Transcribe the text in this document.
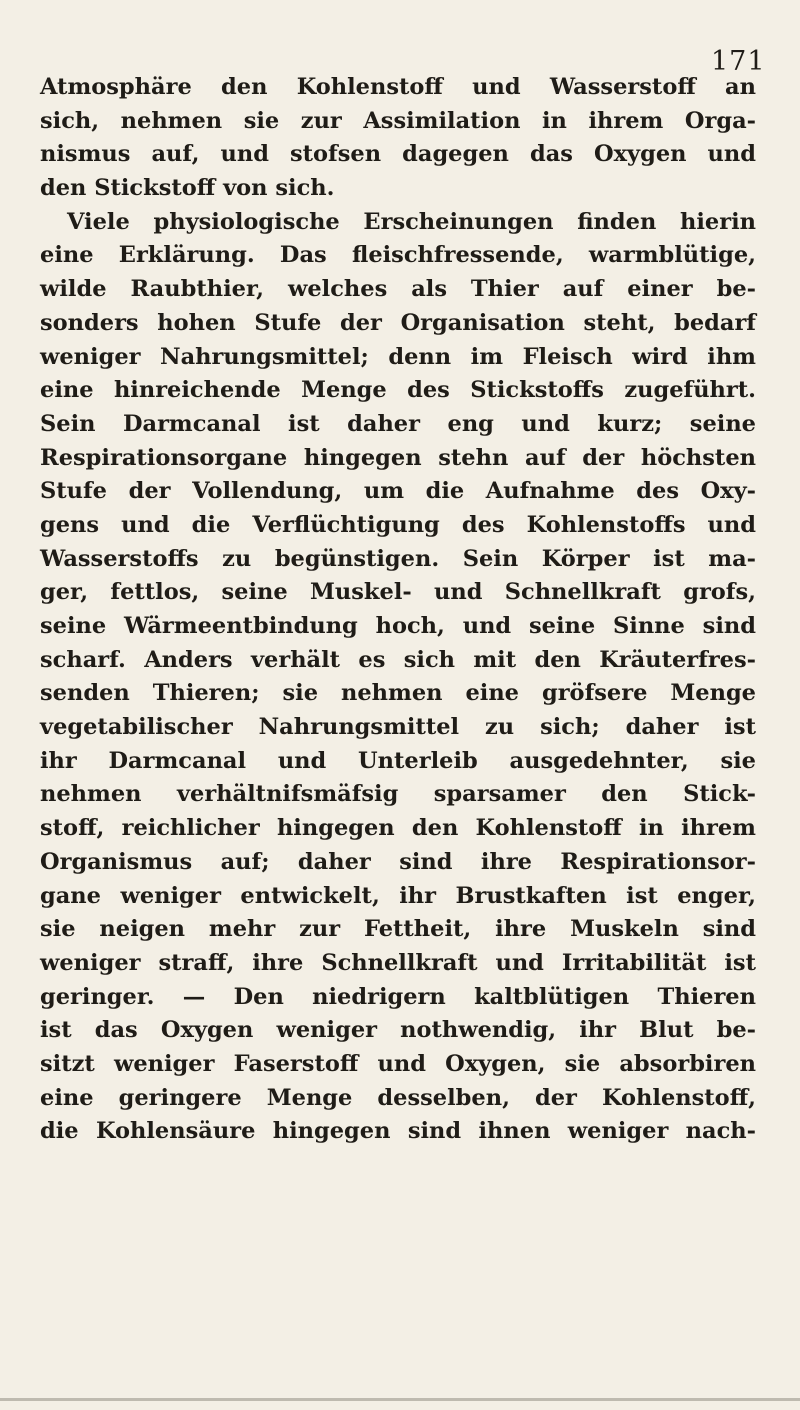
171
Atmosphäre den Kohlenstoff und Wasserstoff an
sich, nehmen sie zur Assimilation in ihrem Orga-
nismus auf, und stofsen dagegen das Oxygen und
den Stickstoff von sich.
Viele physiologische Erscheinungen finden hierin
eine Erklärung. Das fleischfressende, warmblütige,
wilde Raubthier, welches als Thier auf einer be-
sonders hohen Stufe der Organisation steht, bedarf
weniger Nahrungsmittel; denn im Fleisch wird ihm
eine hinreichende Menge des Stickstoffs zugeführt.
Sein Darmcanal ist daher eng und kurz; seine
Respirationsorgane hingegen stehn auf der höchsten
Stufe der Vollendung, um die Aufnahme des Oxy-
gens und die Verflüchtigung des Kohlenstoffs und
Wasserstoffs zu begünstigen. Sein Körper ist ma-
ger, fettlos, seine Muskel- und Schnellkraft grofs,
seine Wärmeentbindung hoch, und seine Sinne sind
scharf. Anders verhält es sich mit den Kräuterfres-
senden Thieren; sie nehmen eine gröfsere Menge
vegetabilischer Nahrungsmittel zu sich; daher ist
ihr Darmcanal und Unterleib ausgedehnter, sie
nehmen verhältnifsmäfsig sparsamer den Stick-
stoff, reichlicher hingegen den Kohlenstoff in ihrem
Organismus auf; daher sind ihre Respirationsor-
gane weniger entwickelt, ihr Brustkaften ist enger,
sie neigen mehr zur Fettheit, ihre Muskeln sind
weniger straff, ihre Schnellkraft und Irritabilität ist
geringer. — Den niedrigern kaltblütigen Thieren
ist das Oxygen weniger nothwendig, ihr Blut be-
sitzt weniger Faserstoff und Oxygen, sie absorbiren
eine geringere Menge desselben, der Kohlenstoff,
die Kohlensäure hingegen sind ihnen weniger nach-
